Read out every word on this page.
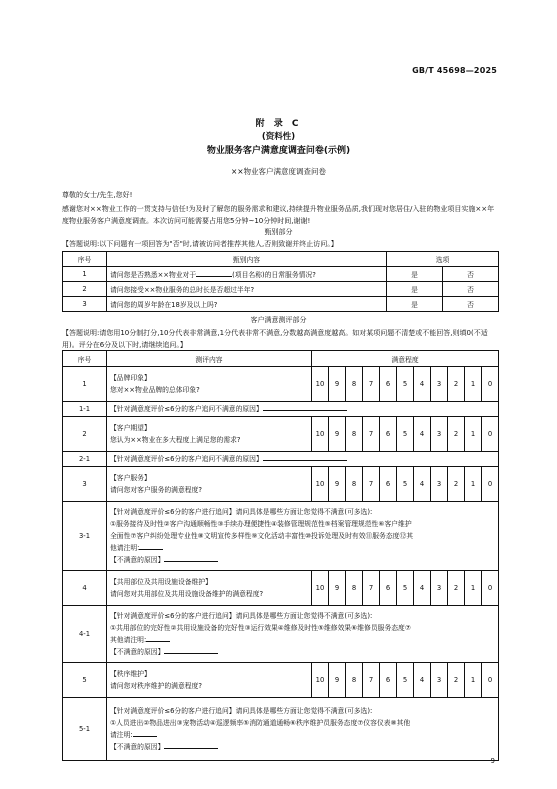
GB/T 45698—2025
附 录 C
(资料性)
物业服务客户满意度调查问卷(示例)
××物业客户满意度调查问卷
尊敬的女士/先生,您好!
感谢您对××物业工作的一贯支持与信任!为及时了解您的服务需求和建议,持续提升物业服务品质,我们现对您居住/入驻的物业项目实施××年度物业服务客户满意度调查。本次访问可能需要占用您5分钟~10分钟时间,谢谢!
甄别部分
【答题说明:以下问题有一项回答为"否"时,请被访问者推荐其他人,否则致谢并终止访问。】
序号	甄别内容	选项	
1	请问您是否熟悉××物业对于 (项目名称)的日常服务情况?	是	否
2	请问您接受××物业服务的总时长是否超过半年?	是	否
3	请问您的周岁年龄在18岁及以上吗?	是	否
客户满意测评部分
【答题说明:请您用10分制打分,10分代表非常满意,1分代表非常不满意,分数越高满意度越高。如对某项问题不清楚或不能回答,则填0(不适用)。评分在6分及以下时,请继续追问。】
序号	测评内容	满意程度										
1	【品牌印象】
您对××物业品牌的总体印象?	10	9	8	7	6	5	4	3	2	1	0
1-1	【针对满意度评价≤6分的客户追问不满意的原因】											
2	【客户期望】
您认为××物业在多大程度上满足您的需求?	10	9	8	7	6	5	4	3	2	1	0
2-1	【针对满意度评价≤6分的客户追问不满意的原因】											
3	【客户服务】
请问您对客户服务的满意程度?	10	9	8	7	6	5	4	3	2	1	0
3-1	【针对满意度评价≤6分的客户进行追问】请问具体是哪些方面让您觉得不满意(可多选):
①服务接待及时性②客户沟通顺畅性③手续办理便捷性④装修管理规范性⑤档案管理规范性⑥客户维护
全面性⑦客户纠纷处理专业性⑧文明宣传多样性⑨文化活动丰富性⑩投诉处理及时有效⑪服务态度⑫其
他请注明:
【不满意的原因】											

4	【共用部位及共用设施设备维护】
请问您对共用部位及共用设施设备维护的满意程度?	10	9	8	7	6	5	4	3	2	1	0
4-1	【针对满意度评价≤6分的客户进行追问】请问具体是哪些方面让您觉得不满意(可多选):
①共用部位的完好性②共用设施设备的完好性③运行效果④维修及时性⑤维修效果⑥维修员服务态度⑦
其他请注明:
【不满意的原因】											

5	【秩序维护】
请问您对秩序维护的满意程度?	10	9	8	7	6	5	4	3	2	1	0
5-1	【针对满意度评价≤6分的客户进行追问】请问具体是哪些方面让您觉得不满意(可多选):
①人员进出②物品进出③宠物活动④巡逻频率⑤消防通道通畅⑥秩序维护员服务态度⑦仪容仪表⑧其他
请注明:
【不满意的原因】											
9
